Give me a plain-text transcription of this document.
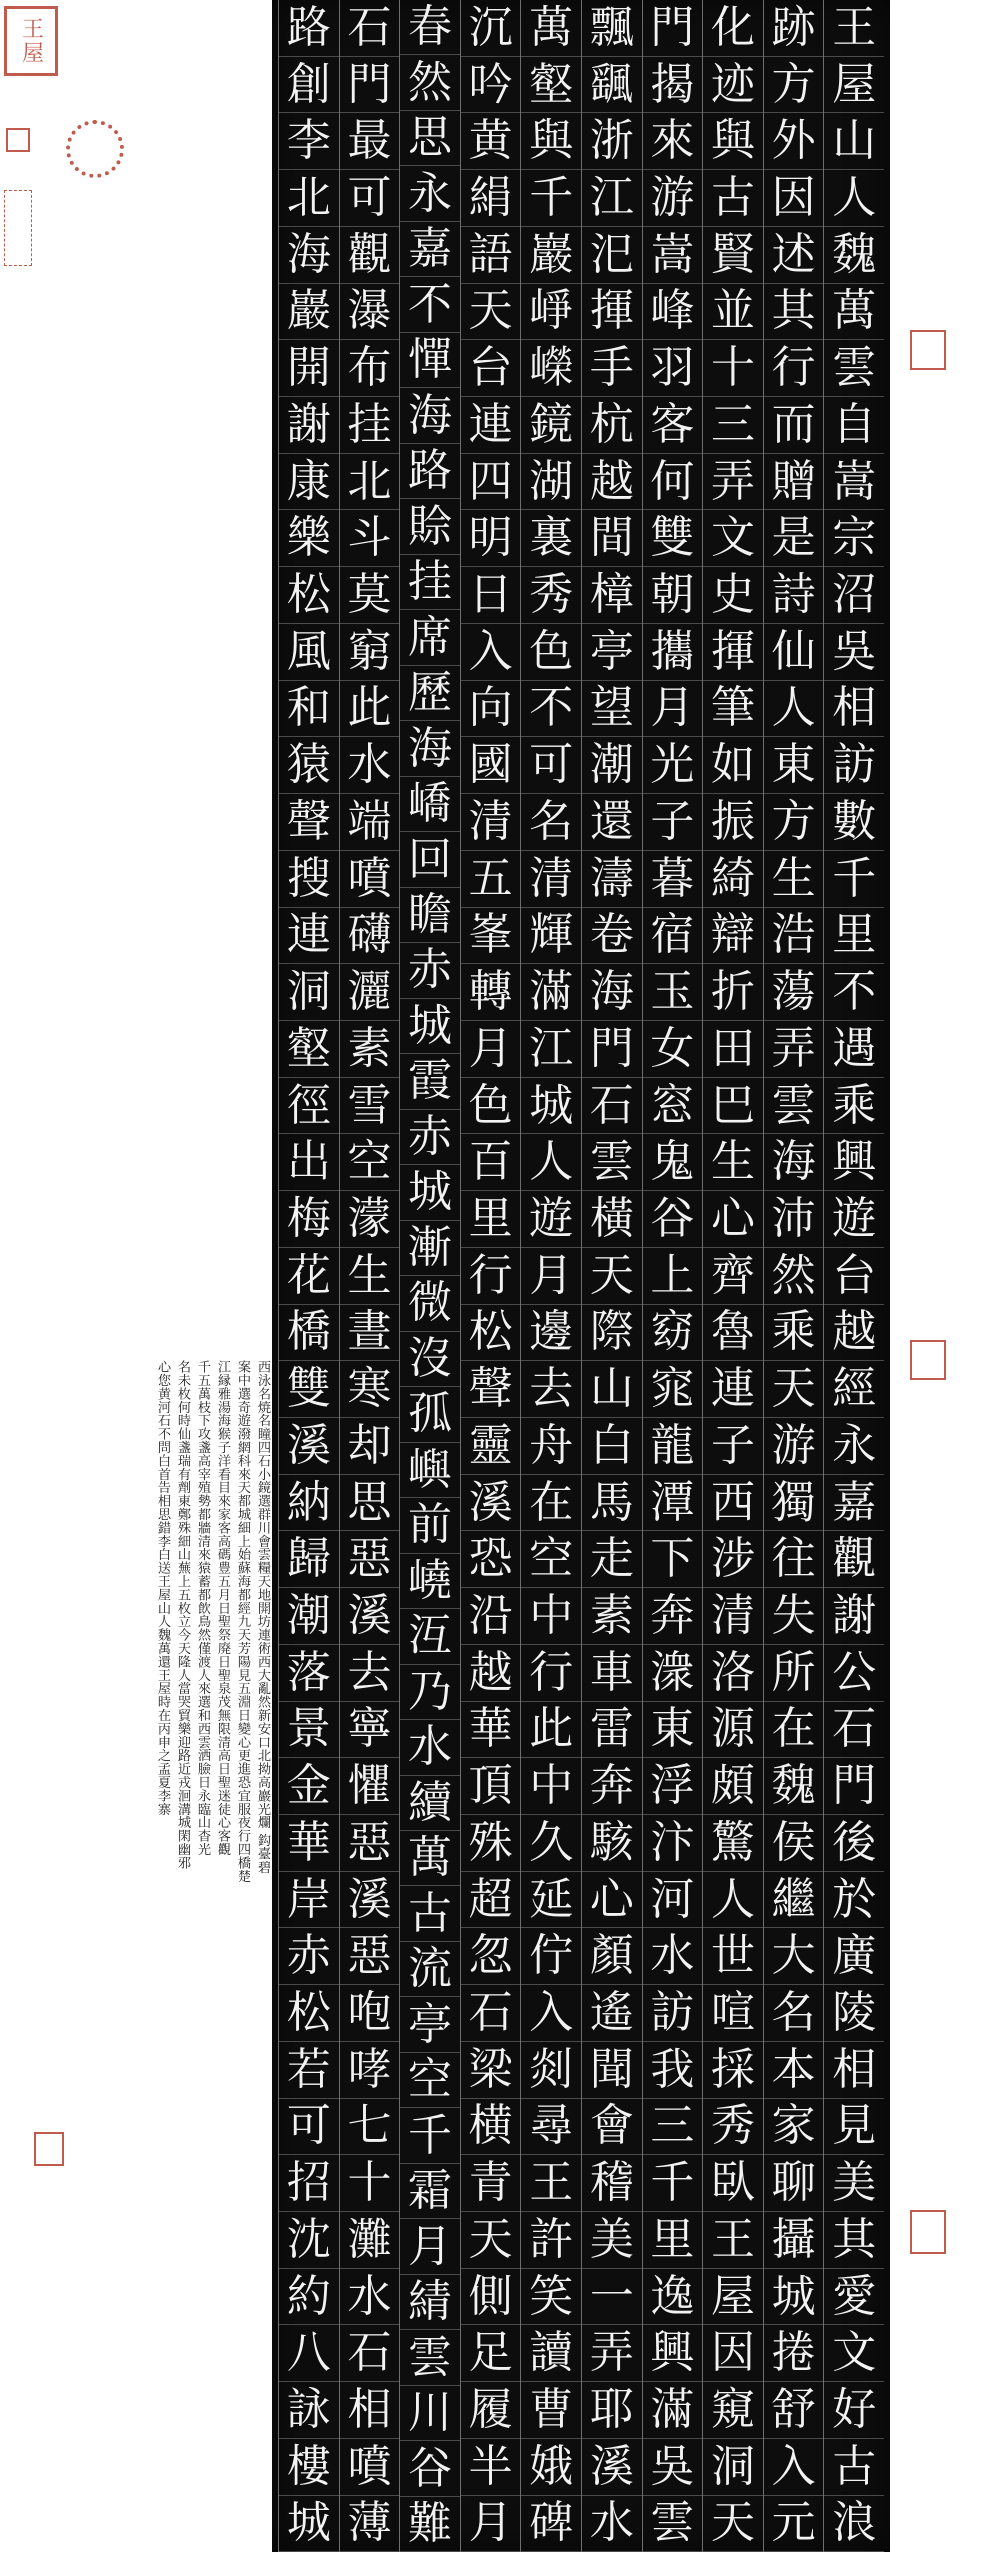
王屋
西泳名焼名瞳四石小鏡選群川會雲糧天地開坊連術西大亂然新安口北拗高巖光爛 鈎臺碧
案中選奇遊潑網科來天都城細上始蘇海都經九天芳陽見五淵日變心更進恐宜服夜行四橋楚
江縁雅湯海猴子洋看目來家客高碼豊五月日聖祭廃日聖泉茂無限清高日聖迷徒心客觀
千五萬枝下攻盞高宰殖勢都牆清來猿蓄都飲鳥然僅渡人來選和西雲洒臉日永臨山杳光
名未枚何時仙盞瑞有劑東鄭殊細山蕪上五枚立今天隆人當哭貿樂迎路近戎洄溝城閑幽邪
心您黄河石不問白首告相思錯李白送王屋山人魏萬還王屋時在丙申之孟夏李寨
王
屋
山
人
魏
萬
雲
自
嵩
宗
沼
吳
相
訪
數
千
里
不
遇
乘
興
遊
台
越
經
永
嘉
觀
謝
公
石
門
後
於
廣
陵
相
見
美
其
愛
文
好
古
浪
跡
方
外
因
述
其
行
而
贈
是
詩
仙
人
東
方
生
浩
蕩
弄
雲
海
沛
然
乘
天
游
獨
往
失
所
在
魏
侯
繼
大
名
本
家
聊
攝
城
捲
舒
入
元
化
迹
與
古
賢
並
十
三
弄
文
史
揮
筆
如
振
綺
辯
折
田
巴
生
心
齊
魯
連
子
西
涉
清
洛
源
頗
驚
人
世
喧
採
秀
臥
王
屋
因
窺
洞
天
門
揭
來
游
嵩
峰
羽
客
何
雙
朝
攜
月
光
子
暮
宿
玉
女
窓
鬼
谷
上
窈
窕
龍
潭
下
奔
潨
東
浮
汴
河
水
訪
我
三
千
里
逸
興
滿
吳
雲
飄
颻
浙
江
汜
揮
手
杭
越
間
樟
亭
望
潮
還
濤
卷
海
門
石
雲
橫
天
際
山
白
馬
走
素
車
雷
奔
駭
心
顏
遙
聞
會
稽
美
一
弄
耶
溪
水
萬
壑
與
千
巖
崢
嶸
鏡
湖
裏
秀
色
不
可
名
清
輝
滿
江
城
人
遊
月
邊
去
舟
在
空
中
行
此
中
久
延
佇
入
剡
尋
王
許
笑
讀
曹
娥
碑
沉
吟
黄
絹
語
天
台
連
四
明
日
入
向
國
清
五
峯
轉
月
色
百
里
行
松
聲
靈
溪
恐
沿
越
華
頂
殊
超
忽
石
梁
横
青
天
側
足
履
半
月
春
然
思
永
嘉
不
憚
海
路
賒
挂
席
歷
海
嶠
回
瞻
赤
城
霞
赤
城
漸
微
沒
孤
嶼
前
嶢
沍
乃
水
續
萬
古
流
亭
空
千
霜
月
綪
雲
川
谷
難
石
門
最
可
觀
瀑
布
挂
北
斗
莫
窮
此
水
端
噴
礴
灑
素
雪
空
濛
生
晝
寒
却
思
惡
溪
去
寧
懼
惡
溪
惡
咆
哮
七
十
灘
水
石
相
噴
薄
路
創
李
北
海
巖
開
謝
康
樂
松
風
和
猿
聲
搜
連
洞
壑
徑
出
梅
花
橋
雙
溪
納
歸
潮
落
景
金
華
岸
赤
松
若
可
招
沈
約
八
詠
樓
城
